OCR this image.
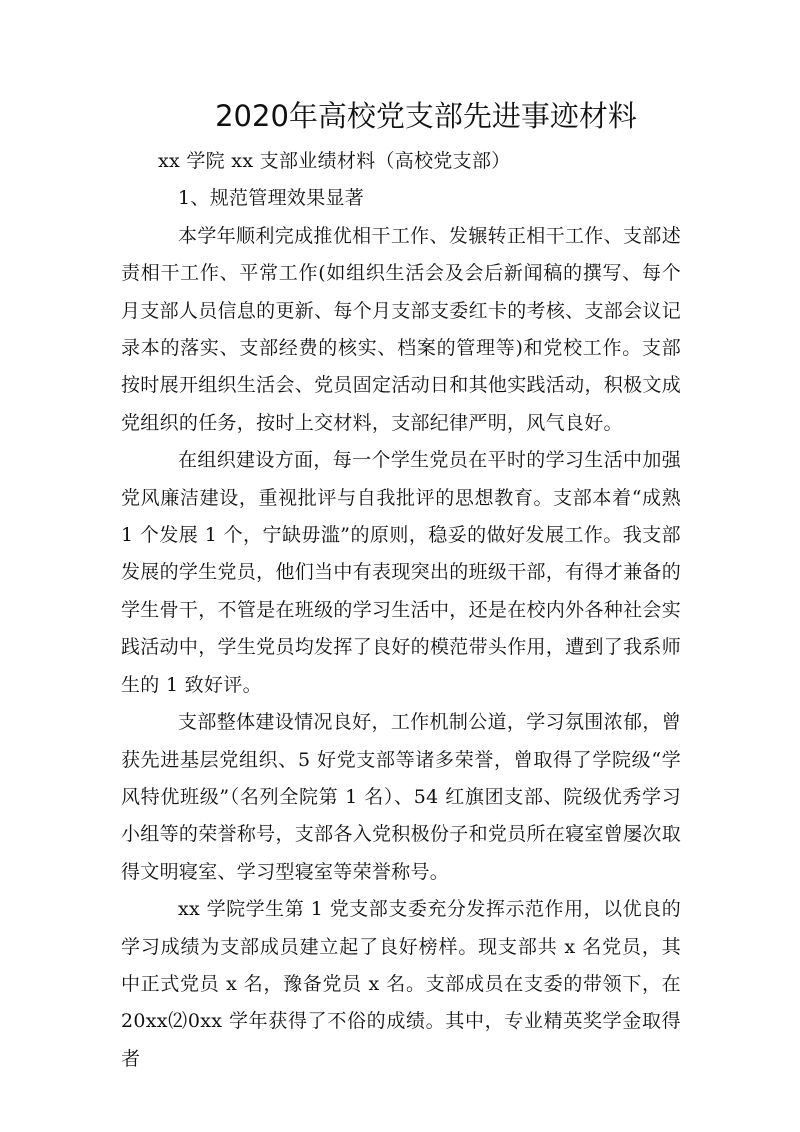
2020年高校党支部先进事迹材料

xx 学院 xx 支部业绩材料（高校党支部）

1、规范管理效果显著

本学年顺利完成推优相干工作、发辗转正相干工作、支部述责相干工作、平常工作(如组织生活会及会后新闻稿的撰写、每个月支部人员信息的更新、每个月支部支委红卡的考核、支部会议记录本的落实、支部经费的核实、档案的管理等)和党校工作。支部按时展开组织生活会、党员固定活动日和其他实践活动，积极文成党组织的任务，按时上交材料，支部纪律严明，风气良好。

在组织建设方面，每一个学生党员在平时的学习生活中加强党风廉洁建设，重视批评与自我批评的思想教育。支部本着“成熟 1 个发展 1 个，宁缺毋滥”的原则，稳妥的做好发展工作。我支部发展的学生党员，他们当中有表现突出的班级干部，有得才兼备的学生骨干，不管是在班级的学习生活中，还是在校内外各种社会实践活动中，学生党员均发挥了良好的模范带头作用，遭到了我系师生的 1 致好评。

支部整体建设情况良好，工作机制公道，学习氛围浓郁，曾获先进基层党组织、5 好党支部等诸多荣誉，曾取得了学院级“学风特优班级”（名列全院第 1 名）、54 红旗团支部、院级优秀学习小组等的荣誉称号，支部各入党积极份子和党员所在寝室曾屡次取得文明寝室、学习型寝室等荣誉称号。

xx 学院学生第 1 党支部支委充分发挥示范作用，以优良的学习成绩为支部成员建立起了良好榜样。现支部共 x 名党员，其中正式党员 x 名，豫备党员 x 名。支部成员在支委的带领下，在 20xx⑵0xx 学年获得了不俗的成绩。其中，专业精英奖学金取得者
